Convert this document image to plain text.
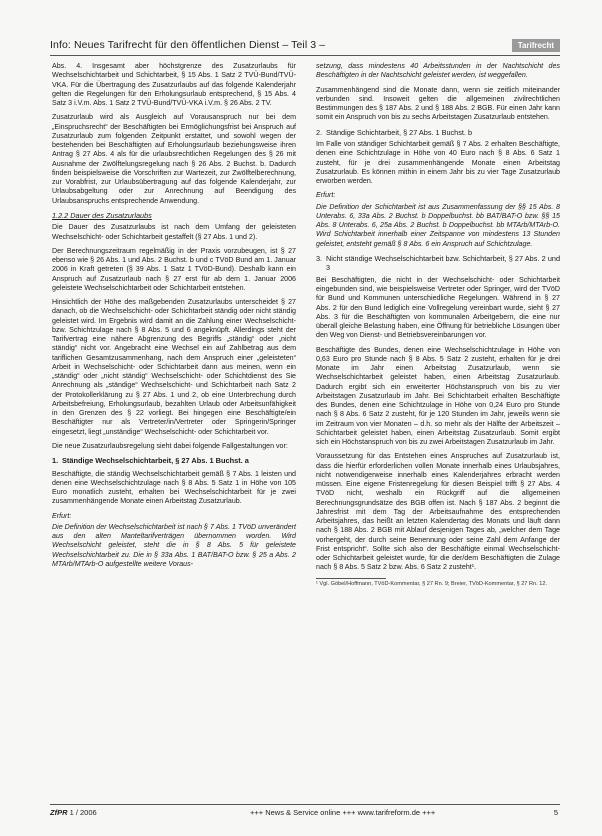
Info: Neues Tarifrecht für den öffentlichen Dienst – Teil 3 –	Tarifrecht

Abs. 4. Insgesamt aber höchstgrenze des Zusatzurlaubs für Wechselschichtarbeit und Schichtarbeit, § 15 Abs. 1 Satz 2 TVÜ-Bund/TVÜ-VKA. Für die Übertragung des Zusatzurlaubs auf das folgende Kalenderjahr gelten die Regelungen für den Erholungsurlaub entsprechend, § 15 Abs. 4 Satz 3 i.V.m. Abs. 1 Satz 2 TVÜ-Bund/TVÜ-VKA i.V.m. § 26 Abs. 2 TV.

Zusatzurlaub wird als Ausgleich auf Vorausanspruch nur bei dem „Einspruchsrecht“ der Beschäftigten bei Ermöglichungsfrist bei Anspruch auf Zusatzurlaub zum folgenden Zeitpunkt erstattet, und sowohl wegen der bestehenden bei Beschäftigten auf Erholungsurlaub beziehungsweise ihren Antrag § 27 Abs. 4 als für die urlaubsrechtlichen Regelungen des § 26 mit Ausnahme der Zwölftelungsregelung nach § 26 Abs. 2 Buchst. b. Dadurch finden beispielsweise die Vorschriften zur Wartezeit, zur Zwölftelberechnung, zur Vorabfrist, zur Urlaubsübertragung auf das folgende Kalenderjahr, zur Urlaubsabgeltung oder zur Anrechnung auf Beendigung des Urlaubsanspruchs entsprechende Anwendung.

1.2.2 Dauer des Zusatzurlaubs

Die Dauer des Zusatzurlaubs ist nach dem Umfang der geleisteten Wechselschicht- oder Schichtarbeit gestaffelt (§ 27 Abs. 1 und 2).

Der Berechnungszeitraum regelmäßig in der Praxis vorzubeugen, ist § 27 ebenso wie § 26 Abs. 1 und Abs. 2 Buchst. b und c TVöD Bund am 1. Januar 2006 in Kraft getreten (§ 39 Abs. 1 Satz 1 TVöD-Bund). Deshalb kann ein Anspruch auf Zusatzurlaub nach § 27 erst für ab dem 1. Januar 2006 geleistete Wechselschichtarbeit oder Schichtarbeit entstehen.

Hinsichtlich der Höhe des maßgebenden Zusatzurlaubs unterscheidet § 27 danach, ob die Wechselschicht- oder Schichtarbeit ständig oder nicht ständig geleistet wird. Im Ergebnis wird damit an die Zahlung einer Wechselschicht- bzw. Schichtzulage nach § 8 Abs. 5 und 6 angeknüpft. Allerdings steht der Tarifvertrag eine nähere Abgrenzung des Begriffs „ständig“ oder „nicht ständig“ nicht vor. Angebracht eine Wechsel ein auf Zahlbetrag aus dem tariflichen Gesamtzusammenhang, nach dem Anspruch einer „geleisteten“ Arbeit in Wechselschicht- oder Schichtarbeit dann aus meinen, wenn ein „ständig“ oder „nicht ständig“ Wechselschicht- oder Schichtdienst des Sie Anrechnung als „ständige“ Wechselschicht- und Schichtarbeit nach Satz 2 der Protokollerklärung zu § 27 Abs. 1 und 2, ob eine Unterbrechung durch Arbeitsbefreiung, Erholungsurlaub, bezahlten Urlaub oder Arbeitsunfähigkeit in den Grenzen des § 22 vorliegt. Bei hingegen eine Beschäftigte/ein Beschäftigter nur als Vertreter/in/Vertreter oder Springerin/Springer eingesetzt, liegt „unständige“ Wechselschicht- oder Schichtarbeit vor.

Die neue Zusatzurlaubsregelung sieht dabei folgende Fallgestaltungen vor:

1. Ständige Wechselschichtarbeit, § 27 Abs. 1 Buchst. a

Beschäftigte, die ständig Wechselschichtarbeit gemäß § 7 Abs. 1 leisten und denen eine Wechselschichtzulage nach § 8 Abs. 5 Satz 1 in Höhe von 105 Euro monatlich zusteht, erhalten bei Wechselschichtarbeit für je zwei zusammenhängende Monate einen Arbeitstag Zusatzurlaub.

Erfurt:

Die Definition der Wechselschichtarbeit ist nach § 7 Abs. 1 TVöD unverändert aus den alten Manteltarifverträgen übernommen worden. Wird Wechselschicht geleistet, steht die in § 8 Abs. 5 für geleistete Wechselschichtarbeit zu. Die in § 33a Abs. 1 BAT/BAT-O bzw. § 25 a Abs. 2 MTArb/MTArb-O aufgestellte weitere Voraus-

setzung, dass mindestens 40 Arbeitsstunden in der Nachtschicht des Beschäftigten in der Nachtschicht geleistet werden, ist weggefallen.

Zusammenhängend sind die Monate dann, wenn sie zeitlich miteinander verbunden sind. Insoweit gelten die allgemeinen zivilrechtlichen Bestimmungen des § 187 Abs. 2 und § 188 Abs. 2 BGB. Für einen Jahr kann somit ein Anspruch von bis zu sechs Arbeitstagen Zusatzurlaub entstehen.

2. Ständige Schichtarbeit, § 27 Abs. 1 Buchst. b

Im Falle von ständiger Schichtarbeit gemäß § 7 Abs. 2 erhalten Beschäftigte, denen eine Schichtzulage in Höhe von 40 Euro nach § 8 Abs. 6 Satz 1 zusteht, für je drei zusammenhängende Monate einen Arbeitstag Zusatzurlaub. Es können mithin in einem Jahr bis zu vier Tage Zusatzurlaub erworben werden.

Erfurt:

Die Definition der Schichtarbeit ist aus Zusammenfassung der §§ 15 Abs. 8 Unterabs. 6, 33a Abs. 2 Buchst. b Doppelbuchst. bb BAT/BAT-O bzw. §§ 15 Abs. 8 Unterabs. 6, 25a Abs. 2 Buchst. b Doppelbuchst. bb MTArb/MTArb-O. Wird Schichtarbeit innerhalb einer Zeitspanne von mindestens 13 Stunden geleistet, entsteht gemäß § 8 Abs. 6 ein Anspruch auf Schichtzulage.

3. Nicht ständige Wechselschichtarbeit bzw. Schichtarbeit, § 27 Abs. 2 und 3

Bei Beschäftigten, die nicht in der Wechselschicht- oder Schichtarbeit eingebunden sind, wie beispielsweise Vertreter oder Springer, wird der TVöD für Bund und Kommunen unterschiedliche Regelungen. Während in § 27 Abs. 2 für den Bund lediglich eine Vollregelung vereinbart wurde, sieht § 27 Abs. 3 für die Beschäftigten von kommunalen Arbeitgebern, die eine nur überall gleiche Belastung haben, eine Öffnung für betriebliche Lösungen über den Weg von Dienst- und Betriebsvereinbarungen vor.

Beschäftigte des Bundes, denen eine Wechselschichtzulage in Höhe von 0,63 Euro pro Stunde nach § 8 Abs. 5 Satz 2 zusteht, erhalten für je drei Monate im Jahr einen Arbeitstag Zusatzurlaub, wenn sie Wechselschichtarbeit geleistet haben, einen Arbeitstag Zusatzurlaub. Dadurch ergibt sich ein erweiterter Höchstanspruch von bis zu vier Arbeitstagen Zusatzurlaub im Jahr. Bei Schichtarbeit erhalten Beschäftigte des Bundes, denen eine Schichtzulage in Höhe von 0,24 Euro pro Stunde nach § 8 Abs. 6 Satz 2 zusteht, für je 120 Stunden im Jahr, jeweils wenn sie im Zeitraum von vier Monaten – d.h. so mehr als der Hälfte der Arbeitszeit – Schichtarbeit geleistet haben, einen Arbeitstag Zusatzurlaub. Somit ergibt sich ein Höchstanspruch von bis zu zwei Arbeitstagen Zusatzurlaub im Jahr.

Voraussetzung für das Entstehen eines Anspruches auf Zusatzurlaub ist, dass die hierfür erforderlichen vollen Monate innerhalb eines Urlaubsjahres, nicht notwendigerweise innerhalb eines Kalenderjahres erbracht werden müssen. Eine eigene Fristenregelung für diesen Beispiel trifft § 27 Abs. 4 TVöD nicht, weshalb ein Rückgriff auf die allgemeinen Berechnungsgrundsätze des BGB offen ist. Nach § 187 Abs. 2 beginnt die Jahresfrist mit dem Tag der Arbeitsaufnahme des entsprechenden Arbeitsjahres, das heißt an letzten Kalendertag des Monats und läuft dann nach § 188 Abs. 2 BGB mit Ablauf desjenigen Tages ab, „welcher dem Tage vorhergeht, der durch seine Benennung oder seine Zahl dem Anfange der Frist entspricht“. Sollte sich also der Beschäftigte einmal Wechselschicht- oder Schichtarbeit geleistet wurde, für die der/dem Beschäftigten die Zulage nach § 8 Abs. 5 Satz 2 bzw. Abs. 6 Satz 2 zusteht¹.

¹ Vgl. Göbel/Hoffmann, TVöD-Kommentar, § 27 Rn. 9; Breier, TVöD-Kommentar, § 27 Rn. 12.
ZfPR 1 / 2006	+++ News & Service online +++ www.tarifreform.de +++	5
